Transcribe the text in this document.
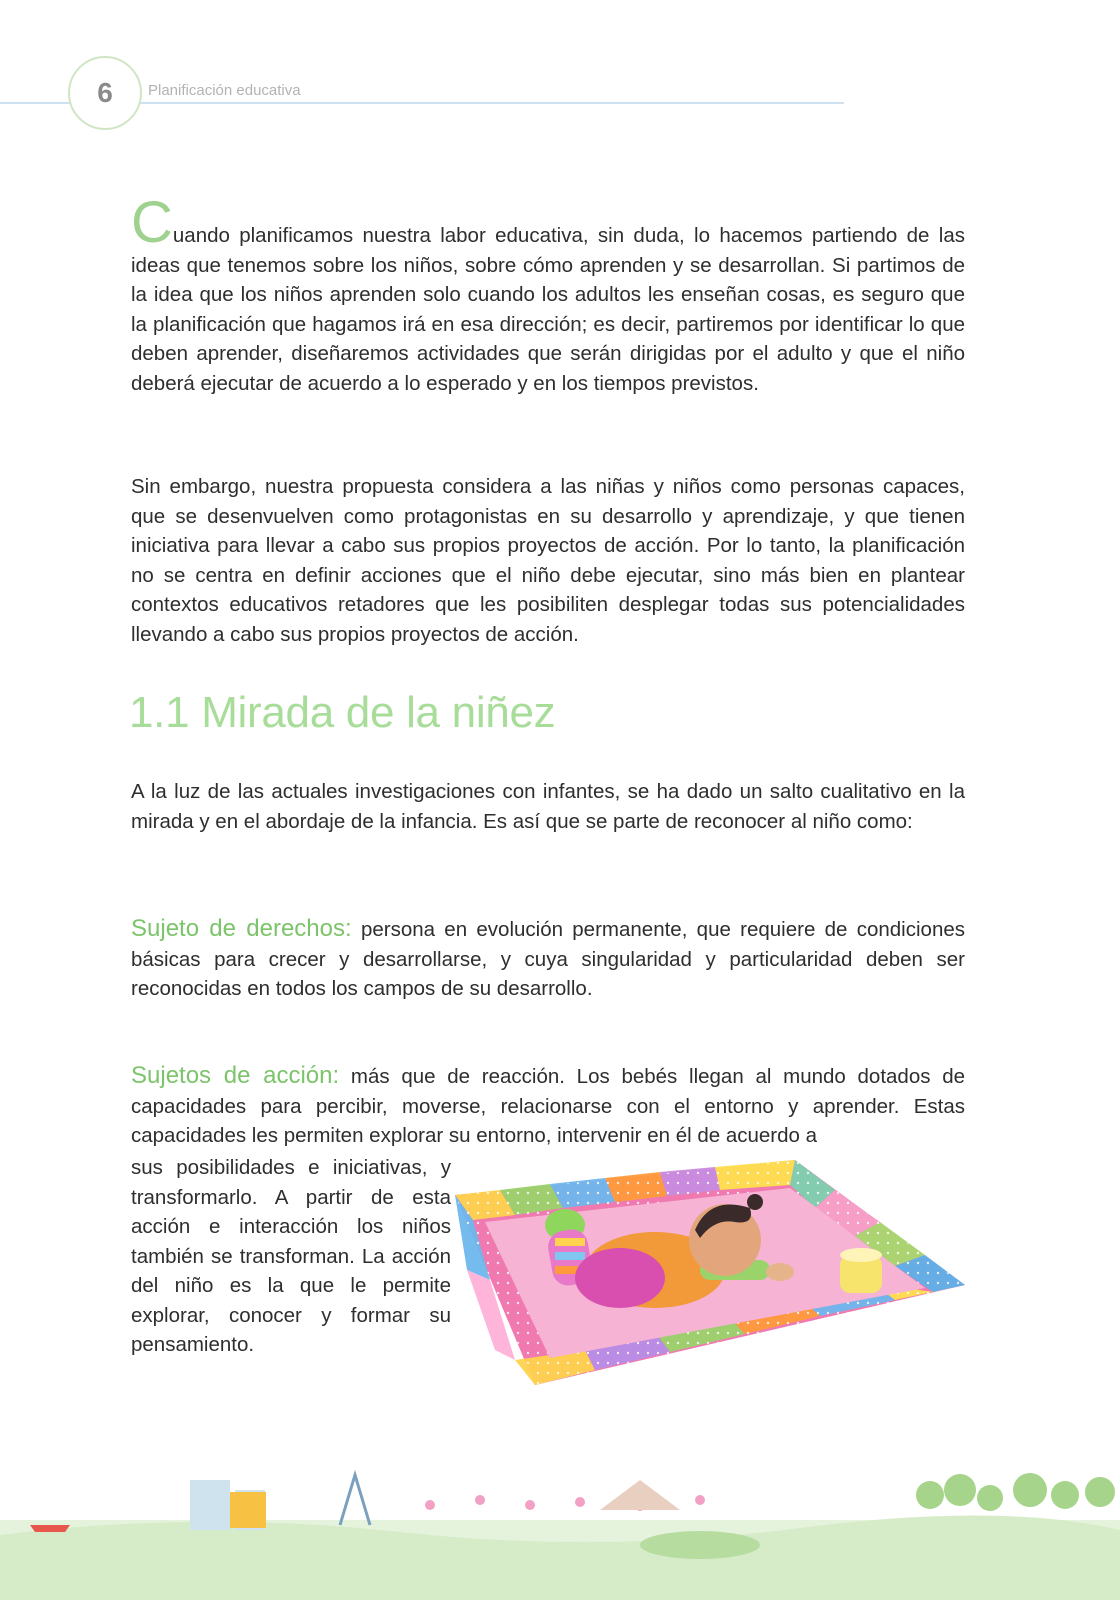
6 Planificación educativa
Cuando planificamos nuestra labor educativa, sin duda, lo hacemos partiendo de las ideas que tenemos sobre los niños, sobre cómo aprenden y se desarrollan. Si partimos de la idea que los niños aprenden solo cuando los adultos les enseñan cosas, es seguro que la planificación que hagamos irá en esa dirección; es decir, partiremos por identificar lo que deben aprender, diseñaremos actividades que serán dirigidas por el adulto y que el niño deberá ejecutar de acuerdo a lo esperado y en los tiempos previstos.
Sin embargo, nuestra propuesta considera a las niñas y niños como personas capaces, que se desenvuelven como protagonistas en su desarrollo y aprendizaje, y que tienen iniciativa para llevar a cabo sus propios proyectos de acción. Por lo tanto, la planificación no se centra en definir acciones que el niño debe ejecutar, sino más bien en plantear contextos educativos retadores que les posibiliten desplegar todas sus potencialidades llevando a cabo sus propios proyectos de acción.
1.1 Mirada de la niñez
A la luz de las actuales investigaciones con infantes, se ha dado un salto cualitativo en la mirada y en el abordaje de la infancia. Es así que se parte de reconocer al niño como:
Sujeto de derechos: persona en evolución permanente, que requiere de condiciones básicas para crecer y desarrollarse, y cuya singularidad y particularidad deben ser reconocidas en todos los campos de su desarrollo.
Sujetos de acción: más que de reacción. Los bebés llegan al mundo dotados de capacidades para percibir, moverse, relacionarse con el entorno y aprender. Estas capacidades les permiten explorar su entorno, intervenir en él de acuerdo a
sus posibilidades e iniciativas, y transformarlo. A partir de esta acción e interacción los niños también se transforman. La acción del niño es la que le permite explorar, conocer y formar su pensamiento.
